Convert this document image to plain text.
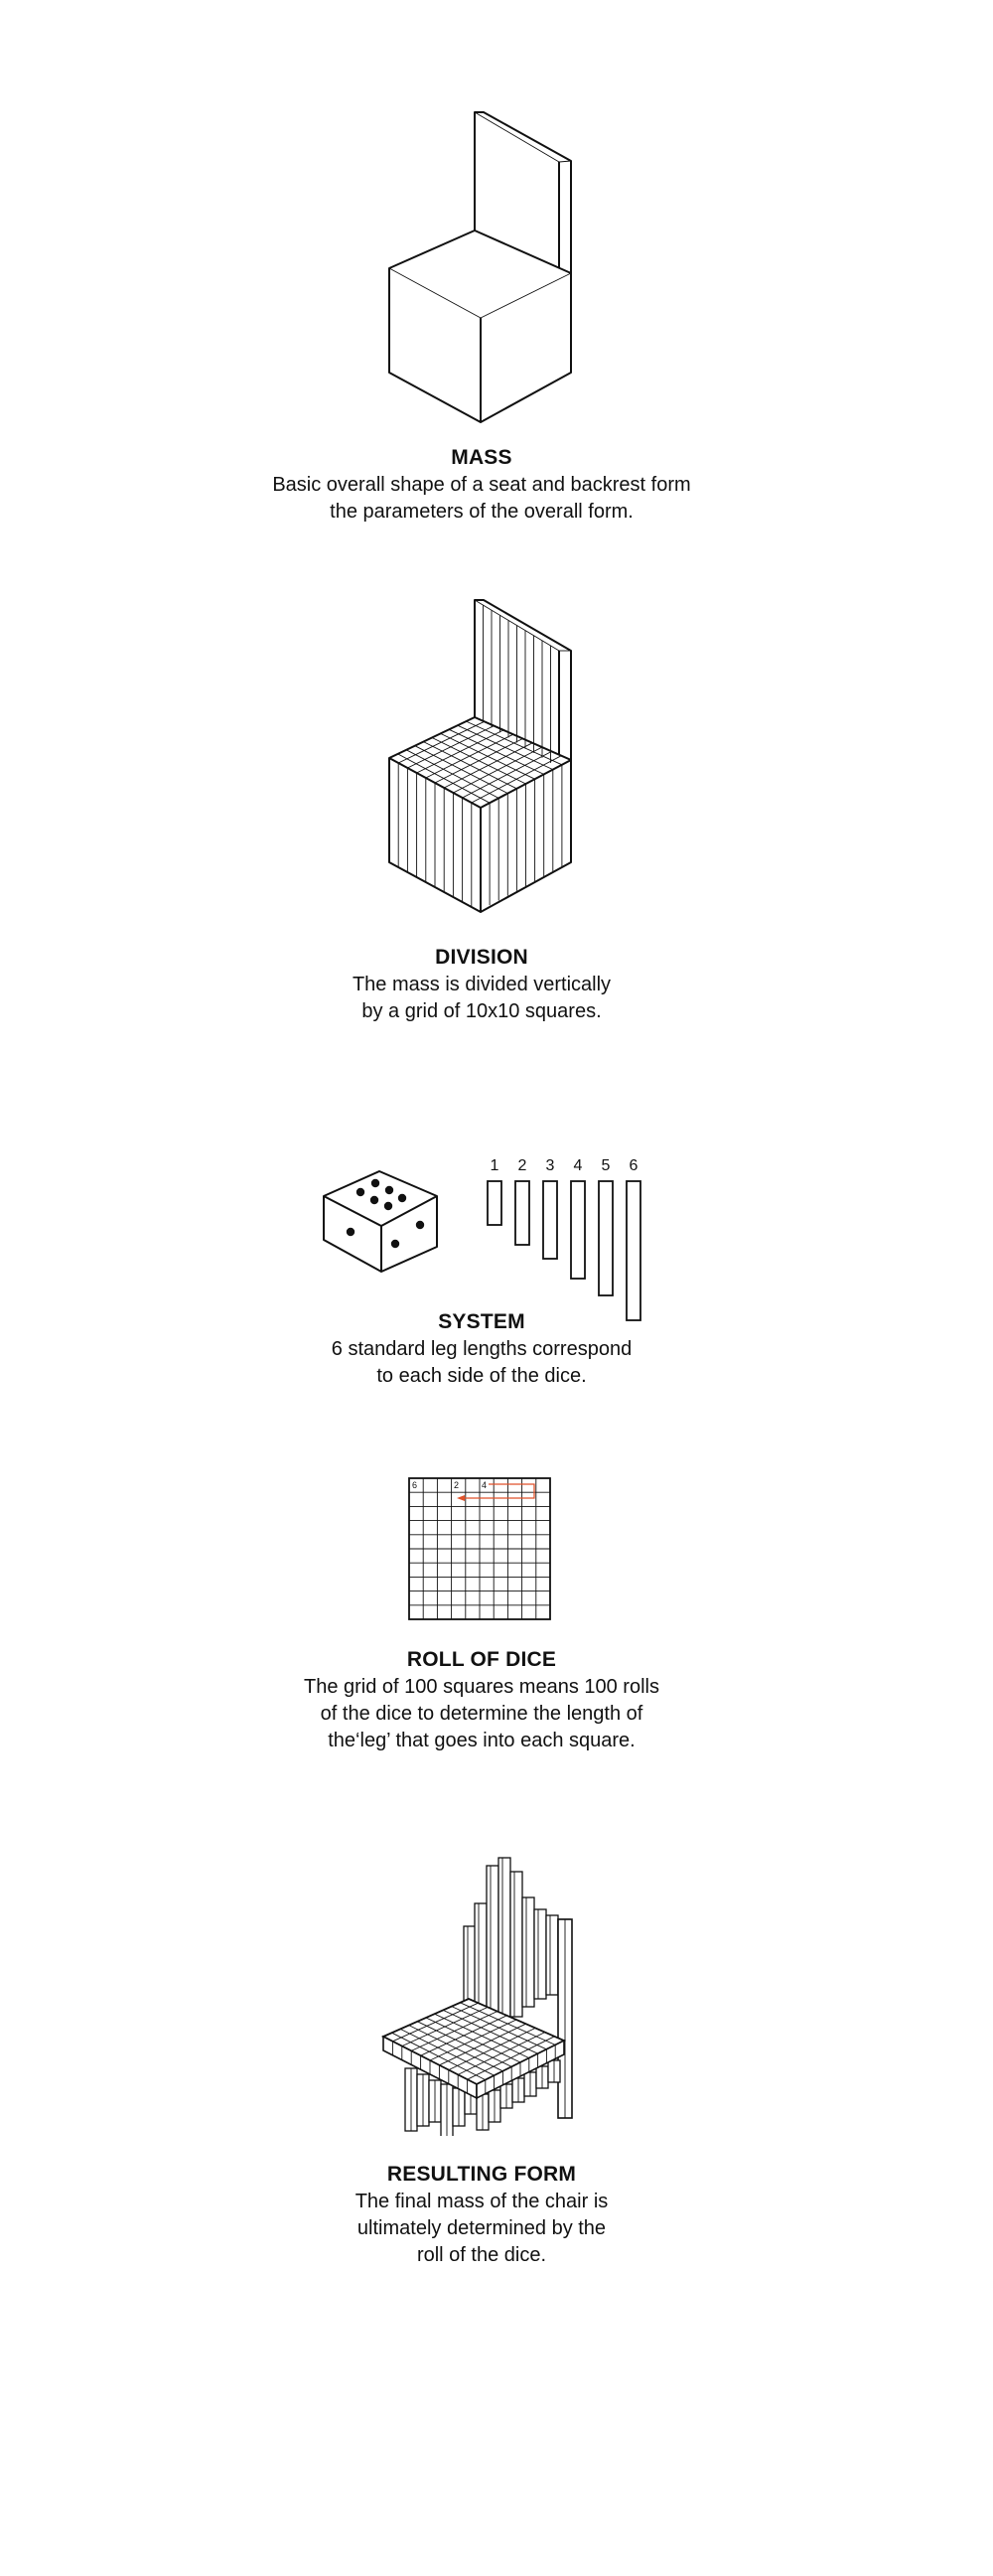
MASS

Basic overall shape of a seat and backrest form

the parameters of the overall form.

DIVISION

The mass is divided vertically

by a grid of 10x10 squares.

1 2 3 4 5 6
SYSTEM

6 standard leg lengths correspond

to each side of the dice.

6	2	4
ROLL OF DICE

The grid of 100 squares means 100 rolls

of the dice to determine the length of

the‘leg’ that goes into each square.

RESULTING FORM

The final mass of the chair is

ultimately determined by the

roll of the dice.
